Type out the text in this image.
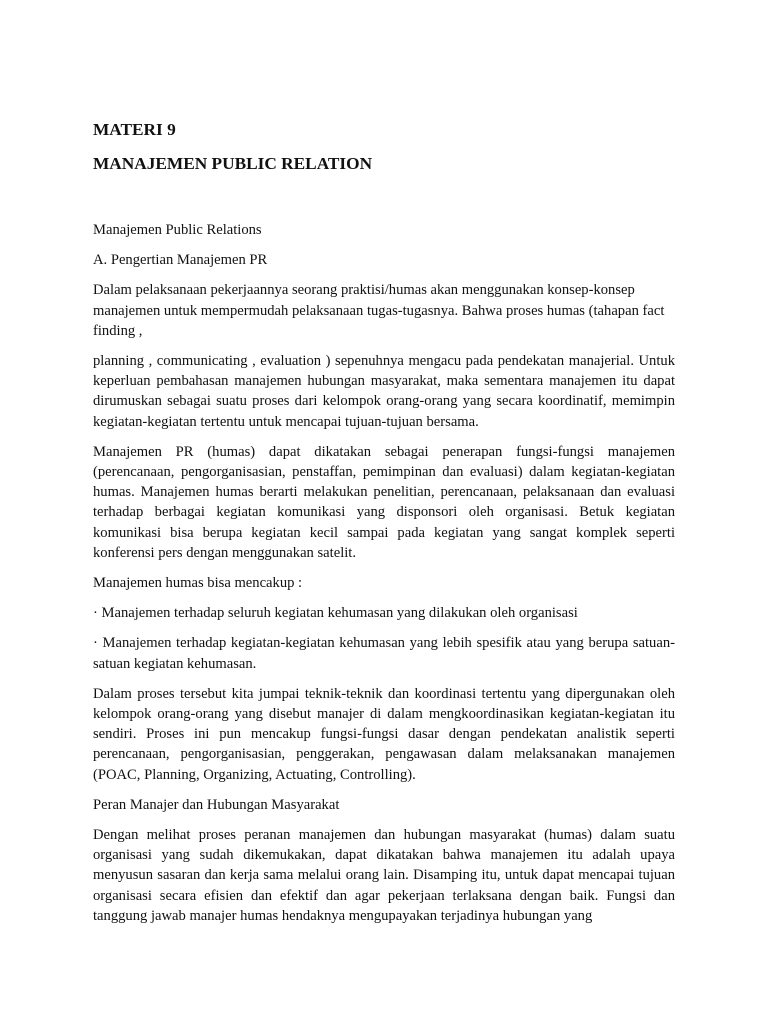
MATERI 9
MANAJEMEN PUBLIC RELATION

Manajemen Public Relations

A. Pengertian Manajemen PR

Dalam pelaksanaan pekerjaannya seorang praktisi/humas akan menggunakan konsep-konsep manajemen untuk mempermudah pelaksanaan tugas-tugasnya. Bahwa proses humas (tahapan fact finding ,

planning , communicating , evaluation ) sepenuhnya mengacu pada pendekatan manajerial. Untuk keperluan pembahasan manajemen hubungan masyarakat, maka sementara manajemen itu dapat dirumuskan sebagai suatu proses dari kelompok orang-orang yang secara koordinatif, memimpin kegiatan-kegiatan tertentu untuk mencapai tujuan-tujuan bersama.

Manajemen PR (humas) dapat dikatakan sebagai penerapan fungsi-fungsi manajemen (perencanaan, pengorganisasian, penstaffan, pemimpinan dan evaluasi) dalam kegiatan-kegiatan humas. Manajemen humas berarti melakukan penelitian, perencanaan, pelaksanaan dan evaluasi terhadap berbagai kegiatan komunikasi yang disponsori oleh organisasi. Betuk kegiatan komunikasi bisa berupa kegiatan kecil sampai pada kegiatan yang sangat komplek seperti konferensi pers dengan menggunakan satelit.

Manajemen humas bisa mencakup :

· Manajemen terhadap seluruh kegiatan kehumasan yang dilakukan oleh organisasi

· Manajemen terhadap kegiatan-kegiatan kehumasan yang lebih spesifik atau yang berupa satuan-satuan kegiatan kehumasan.

Dalam proses tersebut kita jumpai teknik-teknik dan koordinasi tertentu yang dipergunakan oleh kelompok orang-orang yang disebut manajer di dalam mengkoordinasikan kegiatan-kegiatan itu sendiri. Proses ini pun mencakup fungsi-fungsi dasar dengan pendekatan analistik seperti perencanaan, pengorganisasian, penggerakan, pengawasan dalam melaksanakan manajemen (POAC, Planning, Organizing, Actuating, Controlling).

Peran Manajer dan Hubungan Masyarakat

Dengan melihat proses peranan manajemen dan hubungan masyarakat (humas) dalam suatu organisasi yang sudah dikemukakan, dapat dikatakan bahwa manajemen itu adalah upaya menyusun sasaran dan kerja sama melalui orang lain. Disamping itu, untuk dapat mencapai tujuan organisasi secara efisien dan efektif dan agar pekerjaan terlaksana dengan baik. Fungsi dan tanggung jawab manajer humas hendaknya mengupayakan terjadinya hubungan yang
